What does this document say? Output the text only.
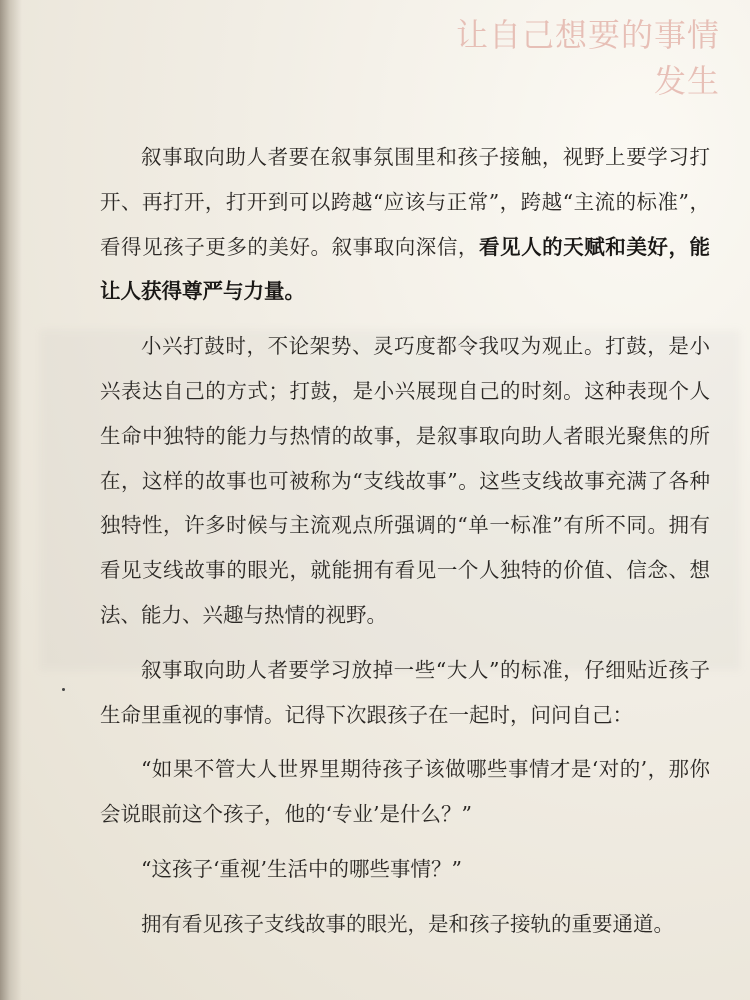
让自己想要的事情
发生

叙事取向助人者要在叙事氛围里和孩子接触，视野上要学习打开、再打开，打开到可以跨越“应该与正常”，跨越“主流的标准”，看得见孩子更多的美好。叙事取向深信，看见人的天赋和美好，能让人获得尊严与力量。

小兴打鼓时，不论架势、灵巧度都令我叹为观止。打鼓，是小兴表达自己的方式；打鼓，是小兴展现自己的时刻。这种表现个人生命中独特的能力与热情的故事，是叙事取向助人者眼光聚焦的所在，这样的故事也可被称为“支线故事”。这些支线故事充满了各种独特性，许多时候与主流观点所强调的“单一标准”有所不同。拥有看见支线故事的眼光，就能拥有看见一个人独特的价值、信念、想法、能力、兴趣与热情的视野。

叙事取向助人者要学习放掉一些“大人”的标准，仔细贴近孩子生命里重视的事情。记得下次跟孩子在一起时，问问自己：

“如果不管大人世界里期待孩子该做哪些事情才是‘对的’，那你会说眼前这个孩子，他的‘专业’是什么？”

“这孩子‘重视’生活中的哪些事情？”

拥有看见孩子支线故事的眼光，是和孩子接轨的重要通道。
